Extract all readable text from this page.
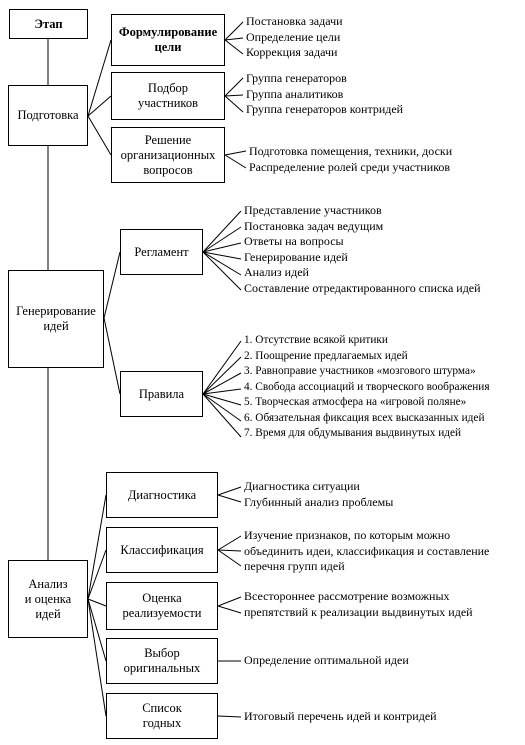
Этап
Подготовка
Формулирование
цели
Постановка задачи
Определение цели
Коррекция задачи
Подбор
участников
Группа генераторов
Группа аналитиков
Группа генераторов контридей
Решение
организационных
вопросов
Подготовка помещения, техники, доски
Распределение ролей среди участников
Генерирование
идей
Регламент
Представление участников
Постановка задач ведущим
Ответы на вопросы
Генерирование идей
Анализ идей
Составление отредактированного списка идей
Правила
1. Отсутствие всякой критики
2. Поощрение предлагаемых идей
3. Равноправие участников «мозгового штурма»
4. Свобода ассоциаций и творческого воображения
5. Творческая атмосфера на «игровой поляне»
6. Обязательная фиксация всех высказанных идей
7. Время для обдумывания выдвинутых идей
Анализ
и оценка
идей
Диагностика
Диагностика ситуации
Глубинный анализ проблемы
Классификация
Изучение признаков, по которым можно
объединить идеи, классификация и составление
перечня групп идей
Оценка
реализуемости
Всестороннее рассмотрение возможных
препятствий к реализации выдвинутых идей
Выбор
оригинальных
Определение оптимальной идеи
Список
годных	Итоговый перечень идей и контридей
